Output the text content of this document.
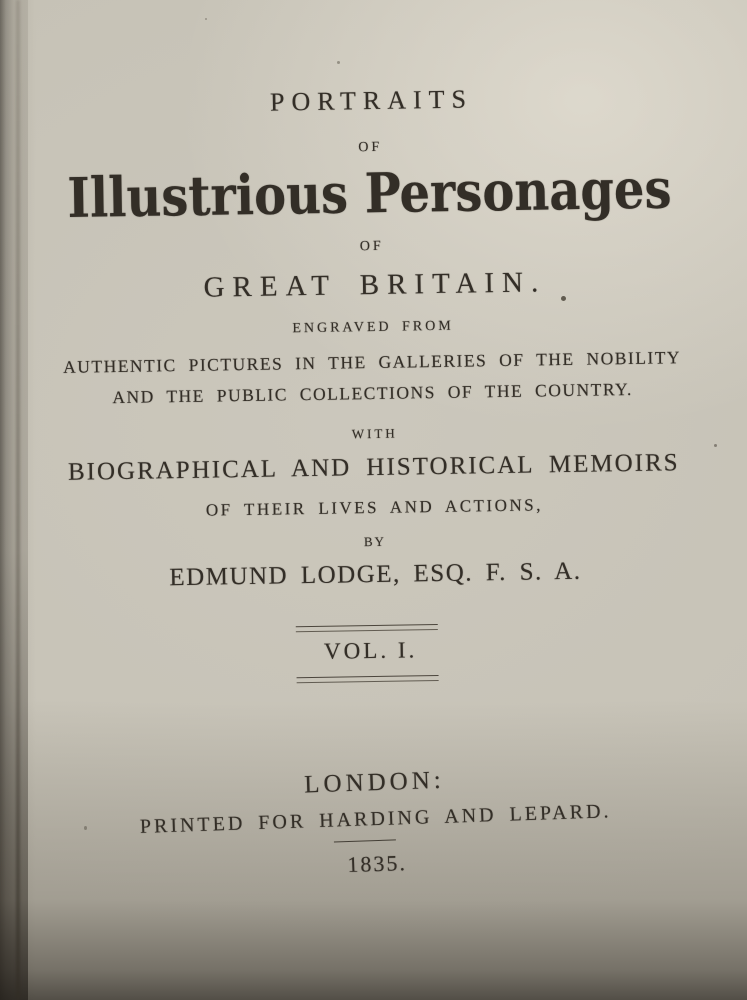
PORTRAITS
OF
Illustrious Personages
OF
GREAT BRITAIN.
ENGRAVED FROM
AUTHENTIC PICTURES IN THE GALLERIES OF THE NOBILITY
AND THE PUBLIC COLLECTIONS OF THE COUNTRY.
WITH
BIOGRAPHICAL AND HISTORICAL MEMOIRS
OF THEIR LIVES AND ACTIONS,
BY
EDMUND LODGE, ESQ. F. S. A.
VOL. I.
LONDON:
PRINTED FOR HARDING AND LEPARD.
1835.
